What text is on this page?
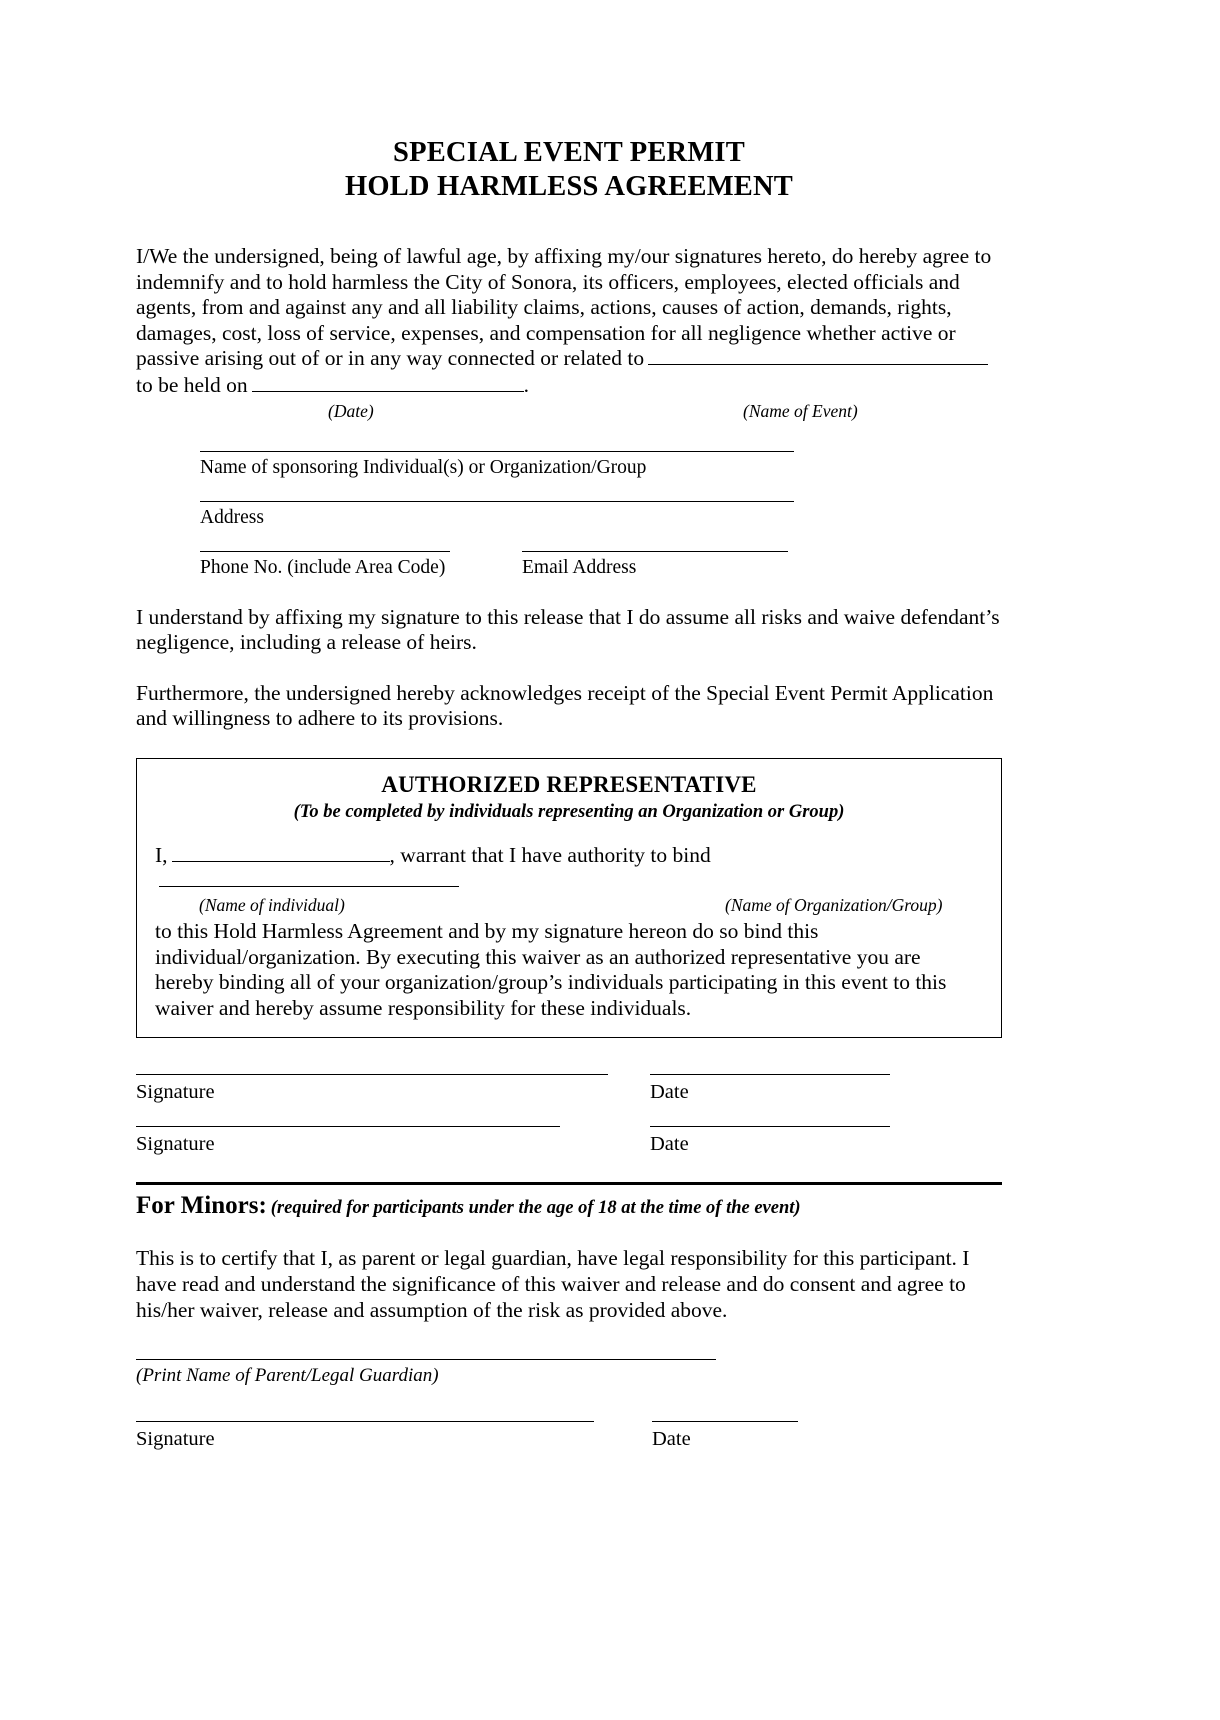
SPECIAL EVENT PERMIT
HOLD HARMLESS AGREEMENT
I/We the undersigned, being of lawful age, by affixing my/our signatures hereto, do hereby agree to indemnify and to hold harmless the City of Sonora, its officers, employees, elected officials and agents, from and against any and all liability claims, actions, causes of action, demands, rights, damages, cost, loss of service, expenses, and compensation for all negligence whether active or passive arising out of or in any way connected or related to
to be held on	.
(Date)	(Name of Event)
Name of sponsoring Individual(s) or Organization/Group
Address
Phone No. (include Area Code)	Email Address
I understand by affixing my signature to this release that I do assume all risks and waive defendant’s negligence, including a release of heirs.
Furthermore, the undersigned hereby acknowledges receipt of the Special Event Permit Application and willingness to adhere to its provisions.
AUTHORIZED REPRESENTATIVE
(To be completed by individuals representing an Organization or Group)
I,	, warrant that I have authority to bind
(Name of individual)	(Name of Organization/Group)
to this Hold Harmless Agreement and by my signature hereon do so bind this individual/organization. By executing this waiver as an authorized representative you are hereby binding all of your organization/group’s individuals participating in this event to this waiver and hereby assume responsibility for these individuals.
Signature	Date
Signature	Date
For Minors: (required for participants under the age of 18 at the time of the event)
This is to certify that I, as parent or legal guardian, have legal responsibility for this participant. I have read and understand the significance of this waiver and release and do consent and agree to his/her waiver, release and assumption of the risk as provided above.
(Print Name of Parent/Legal Guardian)
Signature	Date
